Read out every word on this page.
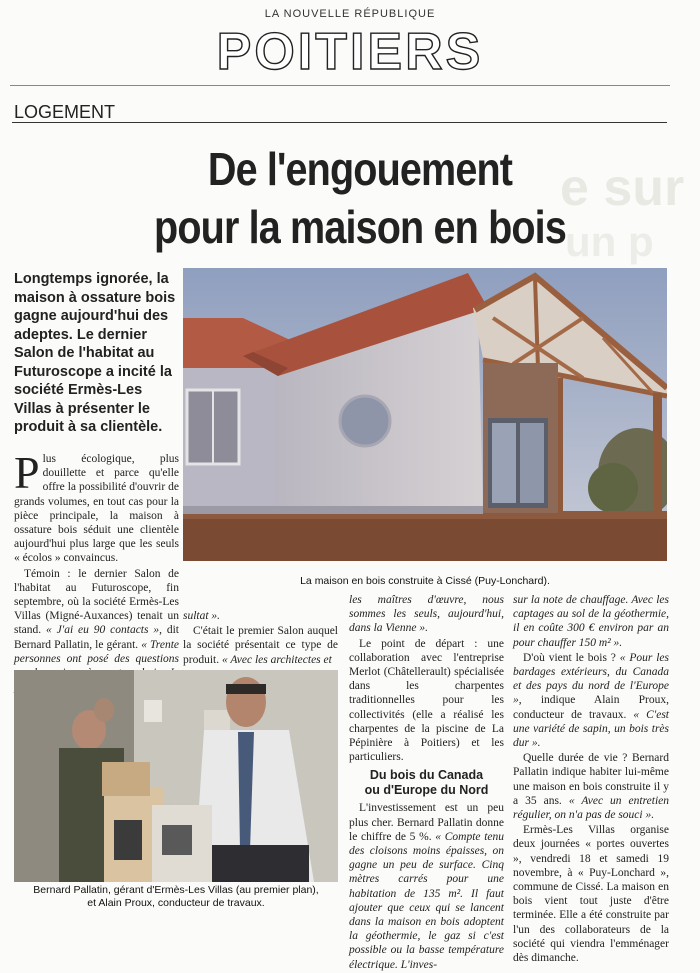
LA NOUVELLE RÉPUBLIQUE
POITIERS
LOGEMENT
e sur
un p
De l'engouement
pour la maison en bois
Longtemps ignorée, la maison à ossature bois gagne aujourd'hui des adeptes. Le dernier Salon de l'habitat au Futuroscope a incité la société Ermès-Les Villas à présenter le produit à sa clientèle.
La maison en bois construite à Cissé (Puy-Lonchard).

P lus écologique, plus douillette et parce qu'elle offre la possibilité d'ouvrir de grands volumes, en tout cas pour la pièce principale, la maison à ossature bois séduit une clientèle aujourd'hui plus large que les seuls « écolos » convaincus.

Témoin : le dernier Salon de l'habitat au Futuroscope, fin septembre, où la société Ermès-Les Villas (Migné-Auxances) tenait un stand. « J'ai eu 90 contacts », dit Bernard Pallatin, le gérant. « Trente personnes ont posé des questions

sultat ».

C'était le premier Salon auquel la société présentait ce type de produit. « Avec les architectes et

Bernard Pallatin, gérant d'Ermès-Les Villas (au premier plan),
et Alain Proux, conducteur de travaux.

les maîtres d'œuvre, nous sommes les seuls, aujourd'hui, dans la Vienne ».

Le point de départ : une collaboration avec l'entreprise Merlot (Châtellerault) spécialisée dans les charpentes traditionnelles pour les collectivités (elle a réalisé les charpentes de la piscine de La Pépinière à Poitiers) et les particuliers.

Du bois du Canada
ou d'Europe du Nord

L'investissement est un peu plus cher. Bernard Pallatin donne le chiffre de 5 %. « Compte tenu des cloisons moins épaisses, on gagne un peu de surface. Cinq mètres carrés pour une habitation de 135 m². Il faut ajouter que ceux qui se lancent dans la maison en bois adoptent la géothermie, le gaz si c'est possible ou la basse température électrique. L'inves-

sur la note de chauffage. Avec les captages au sol de la géothermie, il en coûte 300 € environ par an pour chauffer 150 m² ».

D'où vient le bois ? « Pour les bardages extérieurs, du Canada et des pays du nord de l'Europe », indique Alain Proux, conducteur de travaux. « C'est une variété de sapin, un bois très dur ».

Quelle durée de vie ? Bernard Pallatin indique habiter lui-même une maison en bois construite il y a 35 ans. « Avec un entretien régulier, on n'a pas de souci ».

Ermès-Les Villas organise deux journées « portes ouvertes », vendredi 18 et samedi 19 novembre, à « Puy-Lonchard », commune de Cissé. La maison en bois vient tout juste d'être terminée. Elle a été construite par l'un des collaborateurs de la société qui viendra l'emménager dès dimanche.
